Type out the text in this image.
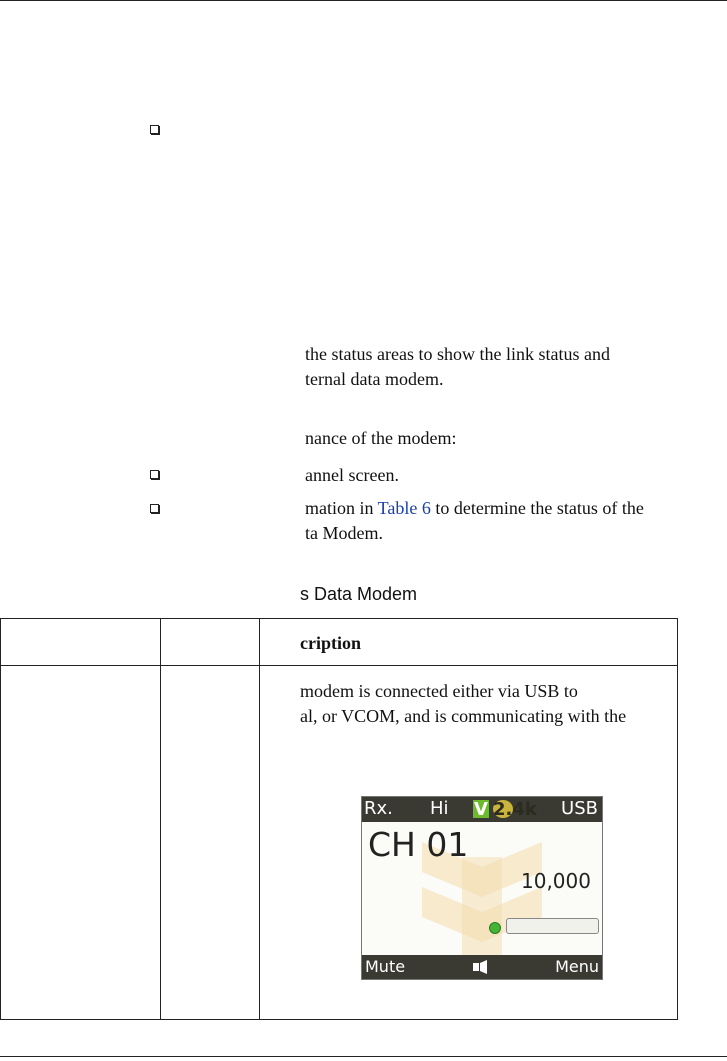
the status areas to show the link status and
ternal data modem.
nance of the modem:
annel screen.
mation in Table 6 to determine the status of the
ta Modem.
s Data Modem
cription
modem is connected either via USB to
al, or VCOM, and is communicating with the
Rx. Hi V 2.4k USB
CH 01
10,000
Mute	Menu
